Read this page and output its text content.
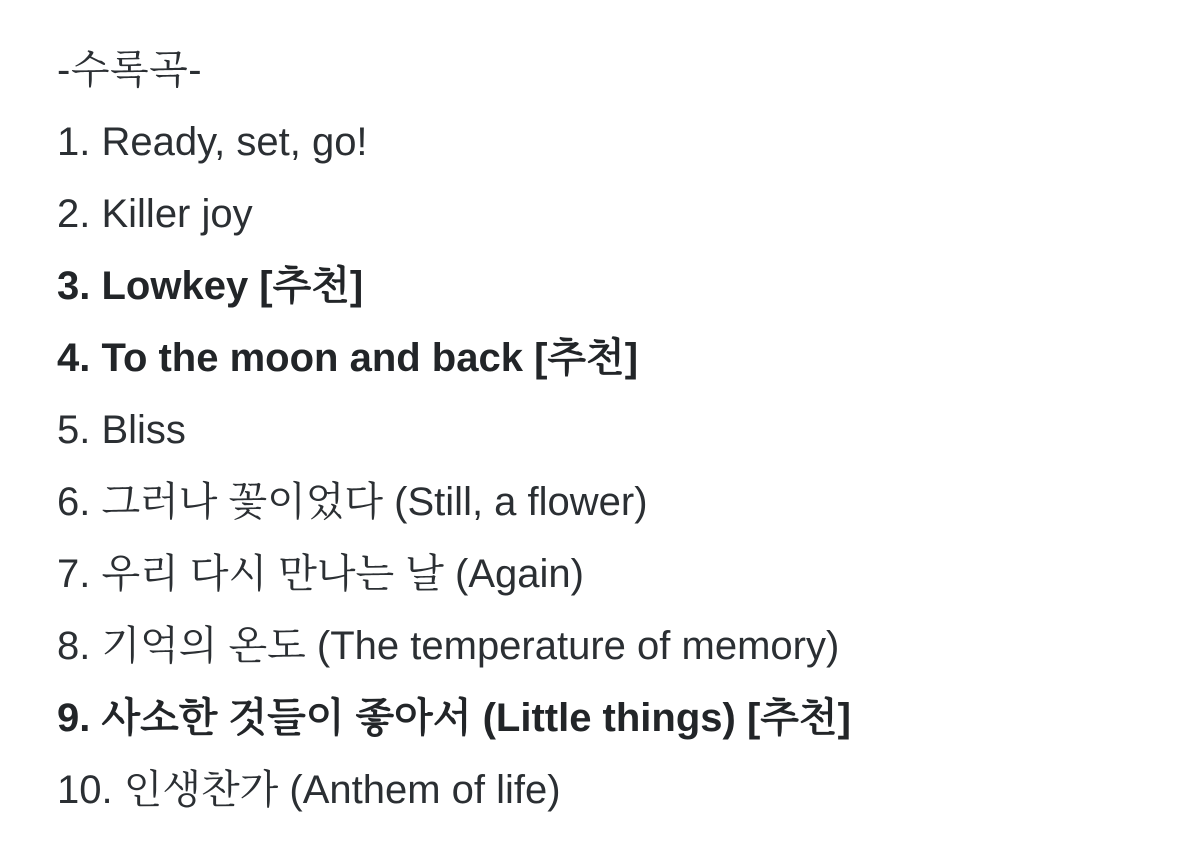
-수록곡-
1. Ready, set, go!
2. Killer joy
3. Lowkey [추천]
4. To the moon and back [추천]
5. Bliss
6. 그러나 꽃이었다 (Still, a flower)
7. 우리 다시 만나는 날 (Again)
8. 기억의 온도 (The temperature of memory)
9. 사소한 것들이 좋아서 (Little things) [추천]
10. 인생찬가 (Anthem of life)
